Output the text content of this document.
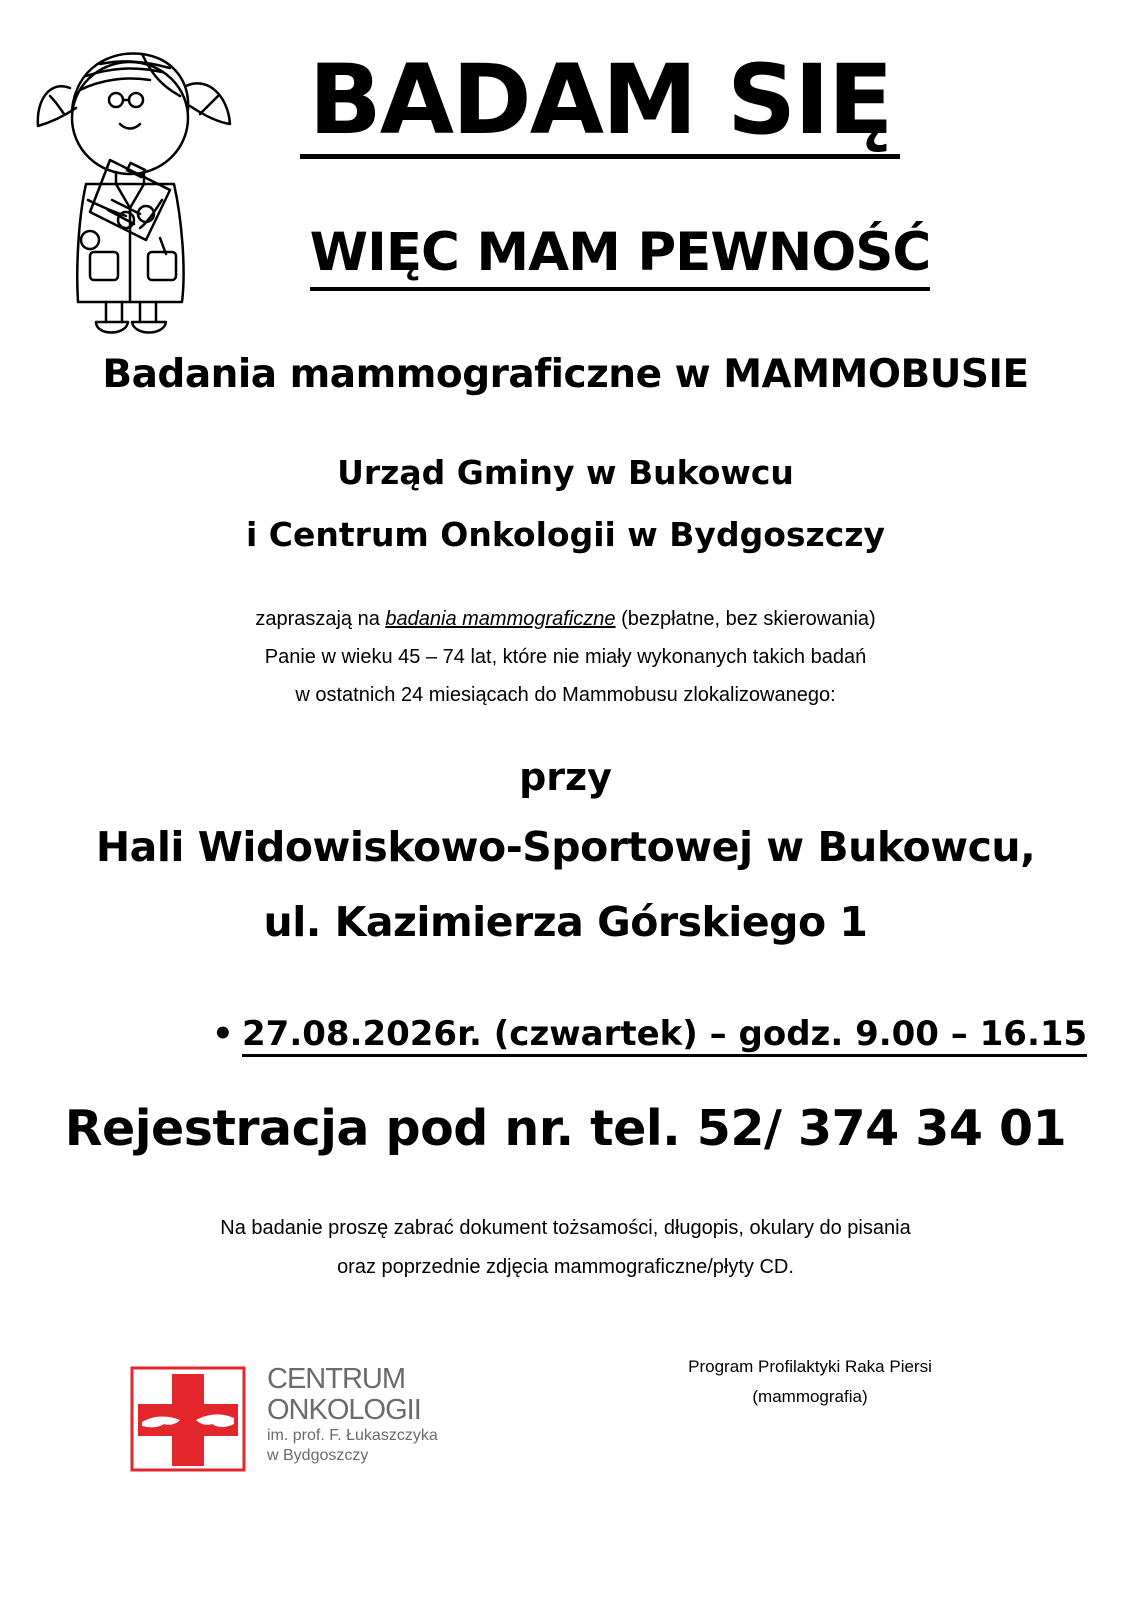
BADAM SIĘ
WIĘC MAM PEWNOŚĆ
Badania mammograficzne w MAMMOBUSIE
Urząd Gminy w Bukowcu
i Centrum Onkologii w Bydgoszczy
zapraszają na badania mammograficzne (bezpłatne, bez skierowania)
Panie w wieku 45 – 74 lat, które nie miały wykonanych takich badań
w ostatnich 24 miesiącach do Mammobusu zlokalizowanego:
przy
Hali Widowiskowo-Sportowej w Bukowcu,
ul. Kazimierza Górskiego 1
• 27.08.2026r. (czwartek) – godz. 9.00 – 16.15
Rejestracja pod nr. tel. 52/ 374 34 01
Na badanie proszę zabrać dokument tożsamości, długopis, okulary do pisania
oraz poprzednie zdjęcia mammograficzne/płyty CD.
CENTRUM
ONKOLOGII
im. prof. F. Łukaszczyka
w Bydgoszczy
Program Profilaktyki Raka Piersi
(mammografia)
